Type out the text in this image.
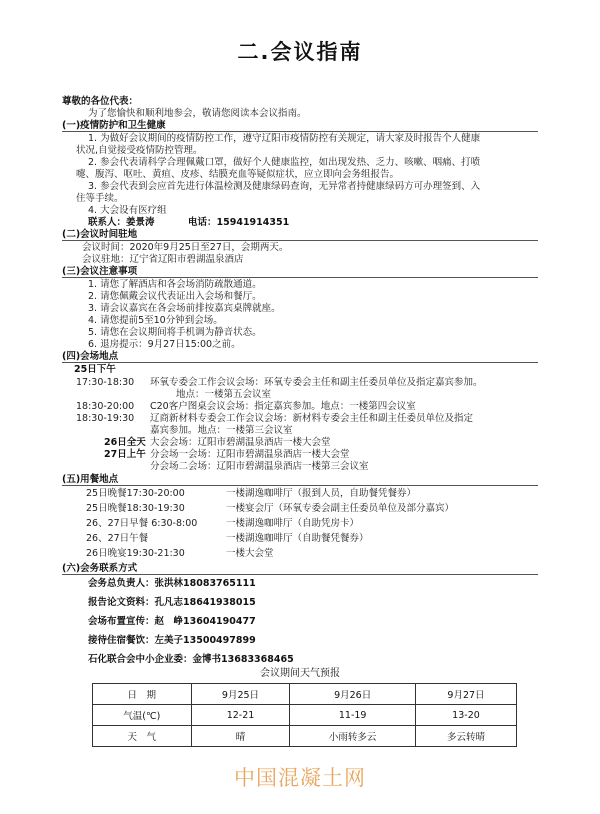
二.会议指南
尊敬的各位代表：
为了您愉快和顺利地参会，敬请您阅读本会议指南。
(一)疫情防护和卫生健康
1. 为做好会议期间的疫情防控工作，遵守辽阳市疫情防控有关规定，请大家及时报告个人健康
状况,自觉接受疫情防控管理。
2. 参会代表请科学合理佩戴口罩，做好个人健康监控，如出现发热、乏力、咳嗽、咽痛、打喷
嚏、腹泻、呕吐、黄疸、皮疹、结膜充血等疑似症状，应立即向会务组报告。
3. 参会代表到会应首先进行体温检测及健康绿码查询，无异常者持健康绿码方可办理签到、入
住等手续。
4. 大会设有医疗组
联系人：姜景涛	电话：15941914351
(二)会议时间驻地
会议时间：2020年9月25日至27日，会期两天。
会议驻地：辽宁省辽阳市碧湖温泉酒店
(三)会议注意事项
1. 请您了解酒店和各会场消防疏散通道。
2. 请您佩戴会议代表证出入会场和餐厅。
3. 请会议嘉宾在各会场前排按嘉宾桌牌就座。
4. 请您提前5至10分钟到会场。
5. 请您在会议期间将手机调为静音状态。
6. 退房提示：9月27日15:00之前。
(四)会场地点
25日下午
17:30-18:30 环氧专委会工作会议会场：环氧专委会主任和副主任委员单位及指定嘉宾参加。
地点：一楼第五会议室
18:30-20:00 C20客户图桌会议会场：指定嘉宾参加。地点：一楼第四会议室
18:30-19:30 辽商新材料专委会工作会议会场：新材料专委会主任和副主任委员单位及指定
嘉宾参加。地点：一楼第三会议室
26日全天 大会会场：辽阳市碧湖温泉酒店一楼大会堂
27日上午 分会场一会场：辽阳市碧湖温泉酒店一楼大会堂
分会场二会场：辽阳市碧湖温泉酒店一楼第三会议室
(五)用餐地点
25日晚餐17:30-20:00	一楼湖逸咖啡厅（报到人员，自助餐凭餐券）
25日晚餐18:30-19:30	一楼宴会厅（环氧专委会副主任委员单位及部分嘉宾）
26、27日早餐 6:30-8:00	一楼湖逸咖啡厅（自助凭房卡）
26、27日午餐	一楼湖逸咖啡厅（自助餐凭餐券）
26日晚宴19:30-21:30	一楼大会堂
(六)会务联系方式
会务总负责人：张洪林18083765111
报告论文资料：孔凡志18641938015
会场布置宣传：赵　峥13604190477
接待住宿餐饮：左美子13500497899
石化联合会中小企业委：金博书13683368465
会议期间天气预报
日　期	9月25日	9月26日	9月27日
气温(℃)	12-21	11-19	13-20
天　气	晴	小雨转多云	多云转晴
中国混凝土网
